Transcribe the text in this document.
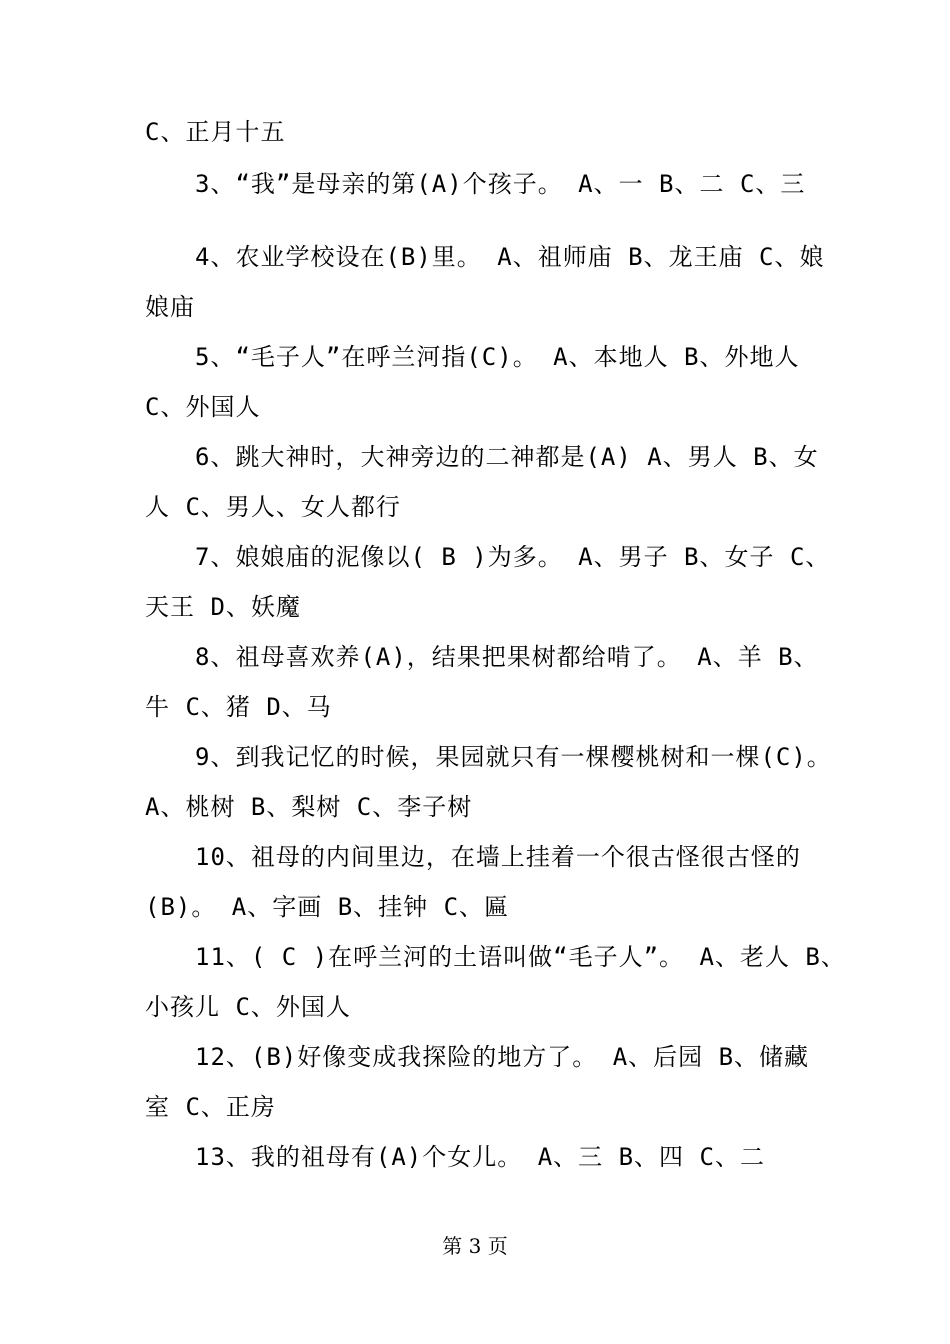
C、正月十五
3、“我”是母亲的第(A)个孩子。 A、一 B、二 C、三
4、农业学校设在(B)里。 A、祖师庙 B、龙王庙 C、娘
娘庙
5、“毛子人”在呼兰河指(C)。 A、本地人 B、外地人
C、外国人
6、跳大神时，大神旁边的二神都是(A) A、男人 B、女
人 C、男人、女人都行
7、娘娘庙的泥像以( B )为多。 A、男子 B、女子 C、
天王 D、妖魔
8、祖母喜欢养(A)，结果把果树都给啃了。 A、羊 B、
牛 C、猪 D、马
9、到我记忆的时候，果园就只有一棵樱桃树和一棵(C)。
A、桃树 B、梨树 C、李子树
10、祖母的内间里边，在墙上挂着一个很古怪很古怪的
(B)。 A、字画 B、挂钟 C、匾
11、( C )在呼兰河的土语叫做“毛子人”。 A、老人 B、
小孩儿 C、外国人
12、(B)好像变成我探险的地方了。 A、后园 B、储藏
室 C、正房
13、我的祖母有(A)个女儿。 A、三 B、四 C、二
第 3 页
